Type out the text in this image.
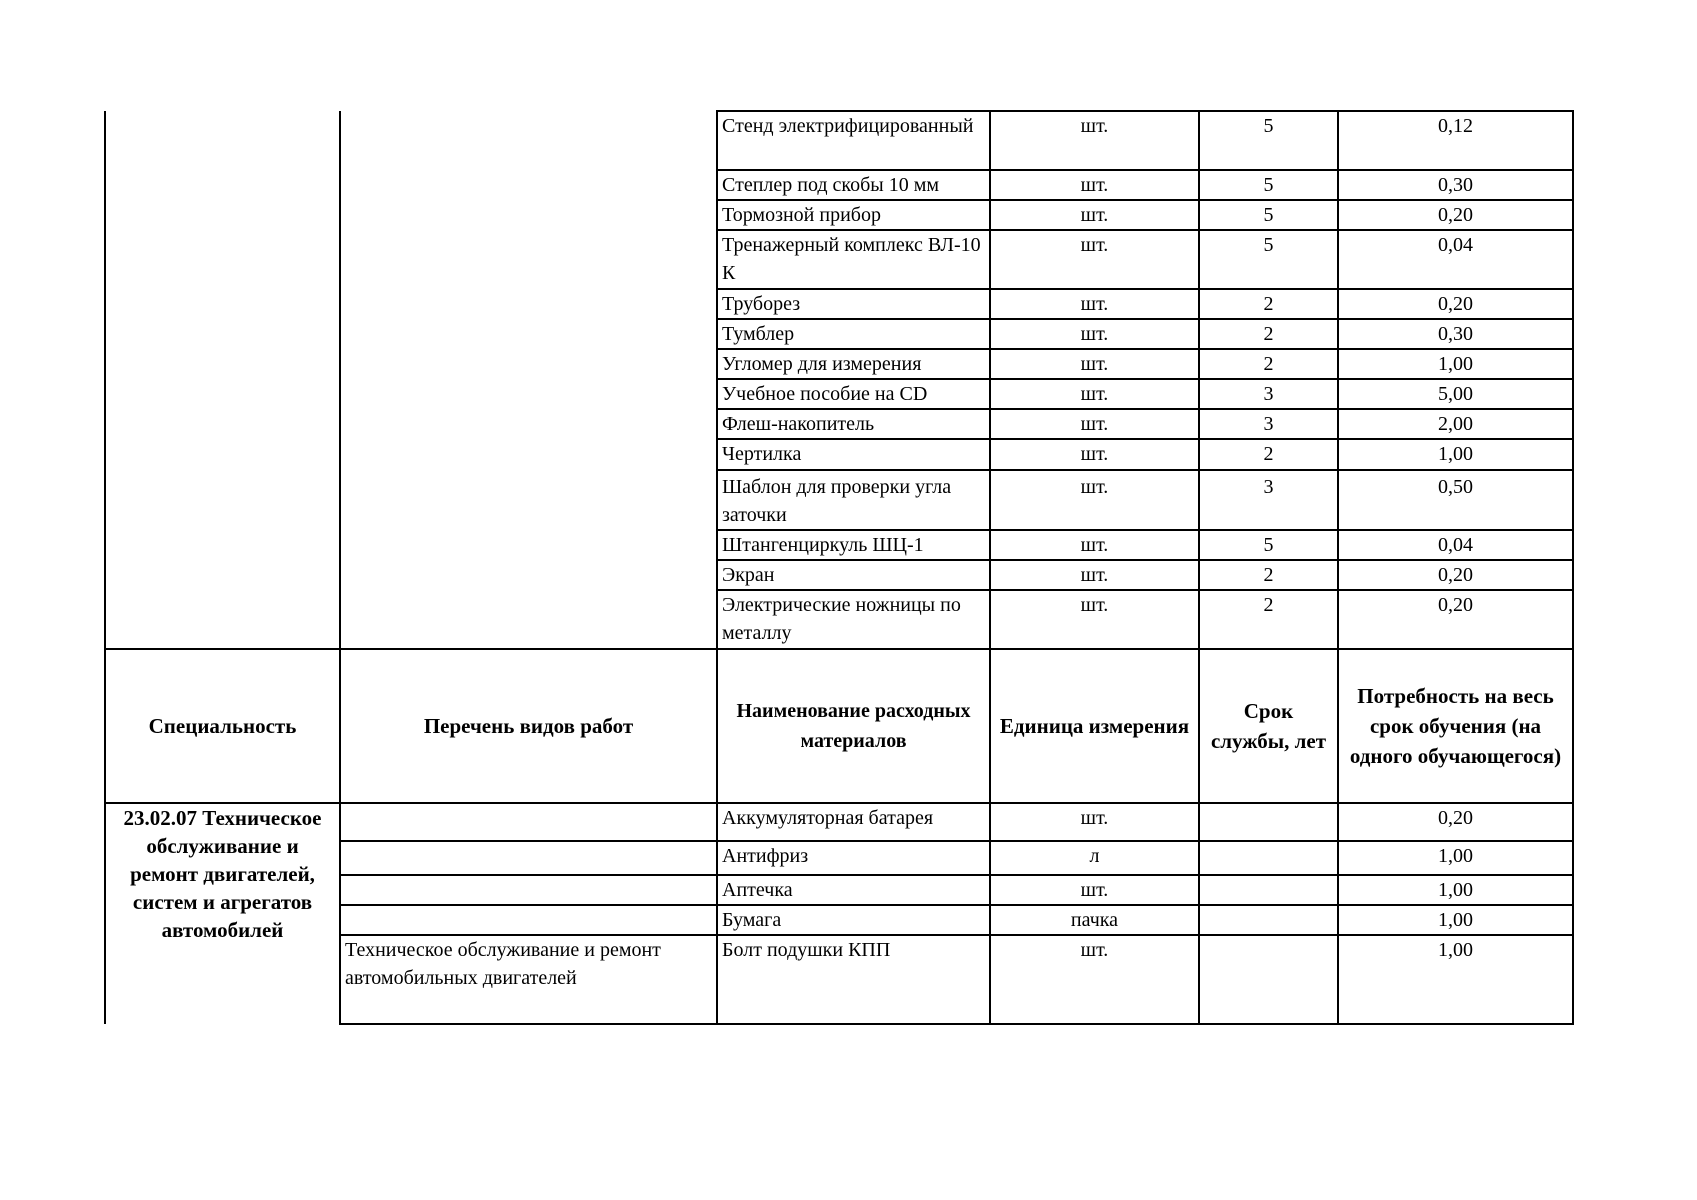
		Стенд электрифицированный	шт.	5	0,12
		Степлер под скобы 10 мм	шт.	5	0,30
		Тормозной прибор	шт.	5	0,20
		Тренажерный комплекс ВЛ-10 К	шт.	5	0,04
		Труборез	шт.	2	0,20
		Тумблер	шт.	2	0,30
		Угломер для измерения	шт.	2	1,00
		Учебное пособие на CD	шт.	3	5,00
		Флеш-накопитель	шт.	3	2,00
		Чертилка	шт.	2	1,00
		Шаблон для проверки угла заточки	шт.	3	0,50
		Штангенциркуль ШЦ-1	шт.	5	0,04
		Экран	шт.	2	0,20
		Электрические ножницы по металлу	шт.	2	0,20
Специальность	Перечень видов работ	Наименование расходных материалов	Единица измерения	Срок службы, лет	Потребность на весь срок обучения (на одного обучающегося)
23.02.07 Техническое обслуживание и ремонт двигателей, систем и агрегатов автомобилей		Аккумуляторная батарея	шт.		0,20
		Антифриз	л		1,00
		Аптечка	шт.		1,00
		Бумага	пачка		1,00
	Техническое обслуживание и ремонт автомобильных двигателей	Болт подушки КПП	шт.		1,00
